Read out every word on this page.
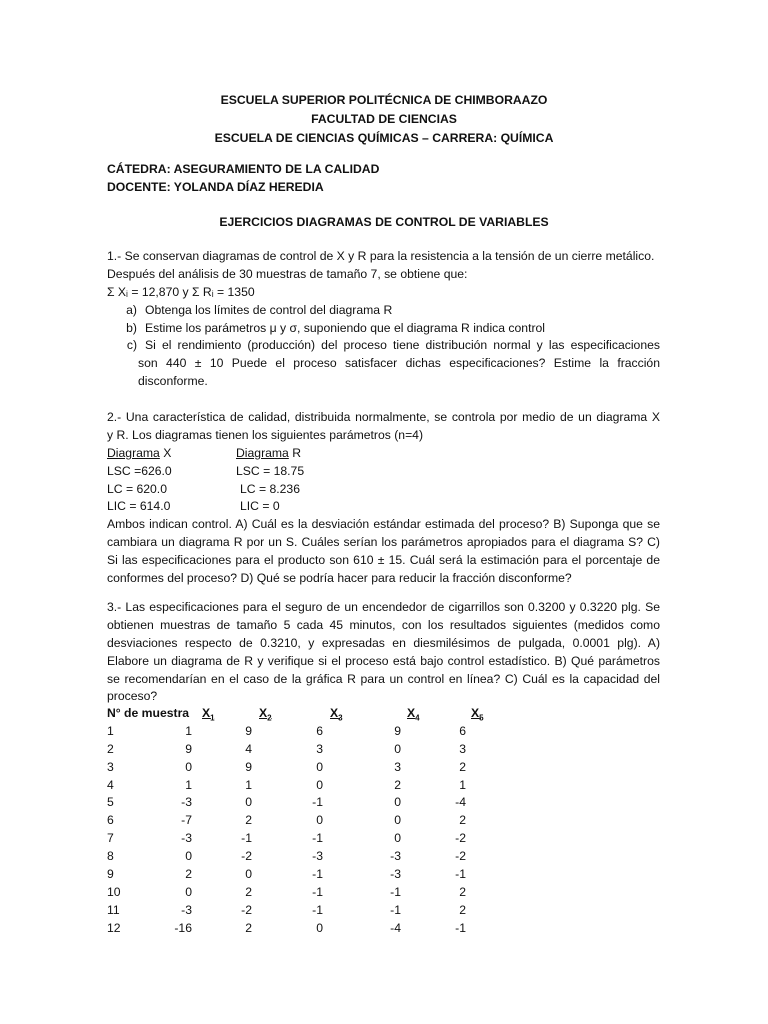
ESCUELA SUPERIOR POLITÉCNICA DE CHIMBORAAZO
FACULTAD DE CIENCIAS
ESCUELA DE CIENCIAS QUÍMICAS – CARRERA: QUÍMICA
CÁTEDRA: ASEGURAMIENTO DE LA CALIDAD
DOCENTE: YOLANDA DÍAZ HEREDIA
EJERCICIOS DIAGRAMAS DE CONTROL DE VARIABLES
1.- Se conservan diagramas de control de X y R para la resistencia a la tensión de un cierre metálico.
Después del análisis de 30 muestras de tamaño 7, se obtiene que:
Σ Xᵢ = 12,870 y Σ Rᵢ = 1350
a) Obtenga los límites de control del diagrama R
b) Estime los parámetros μ y σ, suponiendo que el diagrama R indica control
c) Si el rendimiento (producción) del proceso tiene distribución normal y las especificaciones
son 440 ± 10 Puede el proceso satisfacer dichas especificaciones? Estime la fracción
disconforme.
2.- Una característica de calidad, distribuida normalmente, se controla por medio de un diagrama X
y R. Los diagramas tienen los siguientes parámetros (n=4)
Diagrama X	Diagrama R
LSC =626.0	LSC = 18.75
LC = 620.0	LC = 8.236
LIC = 614.0	LIC = 0
Ambos indican control. A) Cuál es la desviación estándar estimada del proceso? B) Suponga que se
cambiara un diagrama R por un S. Cuáles serían los parámetros apropiados para el diagrama S? C)
Si las especificaciones para el producto son 610 ± 15. Cuál será la estimación para el porcentaje de
conformes del proceso? D) Qué se podría hacer para reducir la fracción disconforme?
3.- Las especificaciones para el seguro de un encendedor de cigarrillos son 0.3200 y 0.3220 plg. Se
obtienen muestras de tamaño 5 cada 45 minutos, con los resultados siguientes (medidos como
desviaciones respecto de 0.3210, y expresadas en diesmilésimos de pulgada, 0.0001 plg). A)
Elabore un diagrama de R y verifique si el proceso está bajo control estadístico. B) Qué parámetros
se recomendarían en el caso de la gráfica R para un control en línea? C) Cuál es la capacidad del
proceso?
N° de muestra $X_1$	$X_2$	$X_3$	$X_4$	$X_5$
1	1	9	6	9	6
2	9	4	3	0	3
3	0	9	0	3	2
4	1	1	0	2	1
5	-3	0	-1	0	-4
6	-7	2	0	0	2
7	-3	-1	-1	0	-2
8	0	-2	-3	-3	-2
9	2	0	-1	-3	-1
10	0	2	-1	-1	2
11	-3	-2	-1	-1	2
12	-16	2	0	-4	-1
